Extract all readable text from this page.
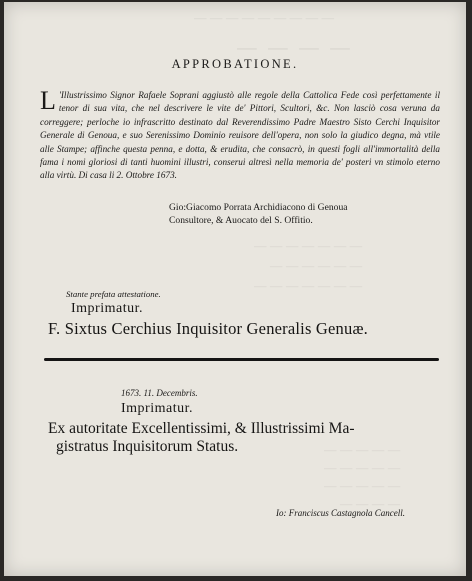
— — — — — — — — —
— — — —
— — — — — — —
— — — — — —
— — — — — — —
— — — — —
— — — — —
— — — — —
— — — —
APPROBATIONE.
L 'Illustrissimo Signor Rafaele Soprani aggiustò alle regole della Cattolica Fede così perfettamente il tenor di sua vita, che nel descrivere le vite de' Pittori, Scultori, &c. Non lasciò cosa veruna da correggere; perloche io infrascritto destinato dal Reverendissimo Padre Maestro Sisto Cerchi Inquisitor Generale di Genoua, e suo Serenissimo Dominio reuisore dell'opera, non solo la giudico degna, mà vtile alle Stampe; affinche questa penna, e dotta, & erudita, che consacrò, in questi fogli all'immortalità della fama i nomi gloriosi di tanti huomini illustri, conserui altresì nella memoria de' posteri vn stimolo eterno alla virtù. Di casa li 2. Ottobre 1673.
Gio:Giacomo Porrata Archidiacono di Genoua
Consultore, & Auocato del S. Offitio.
Stante prefata attestatione.
Imprimatur.
F. Sixtus Cerchius Inquisitor Generalis Genuæ.
1673. 11. Decembris.
Imprimatur.
Ex autoritate Excellentissimi, & Illustrissimi Ma-
gistratus Inquisitorum Status.
Io: Franciscus Castagnola Cancell.
